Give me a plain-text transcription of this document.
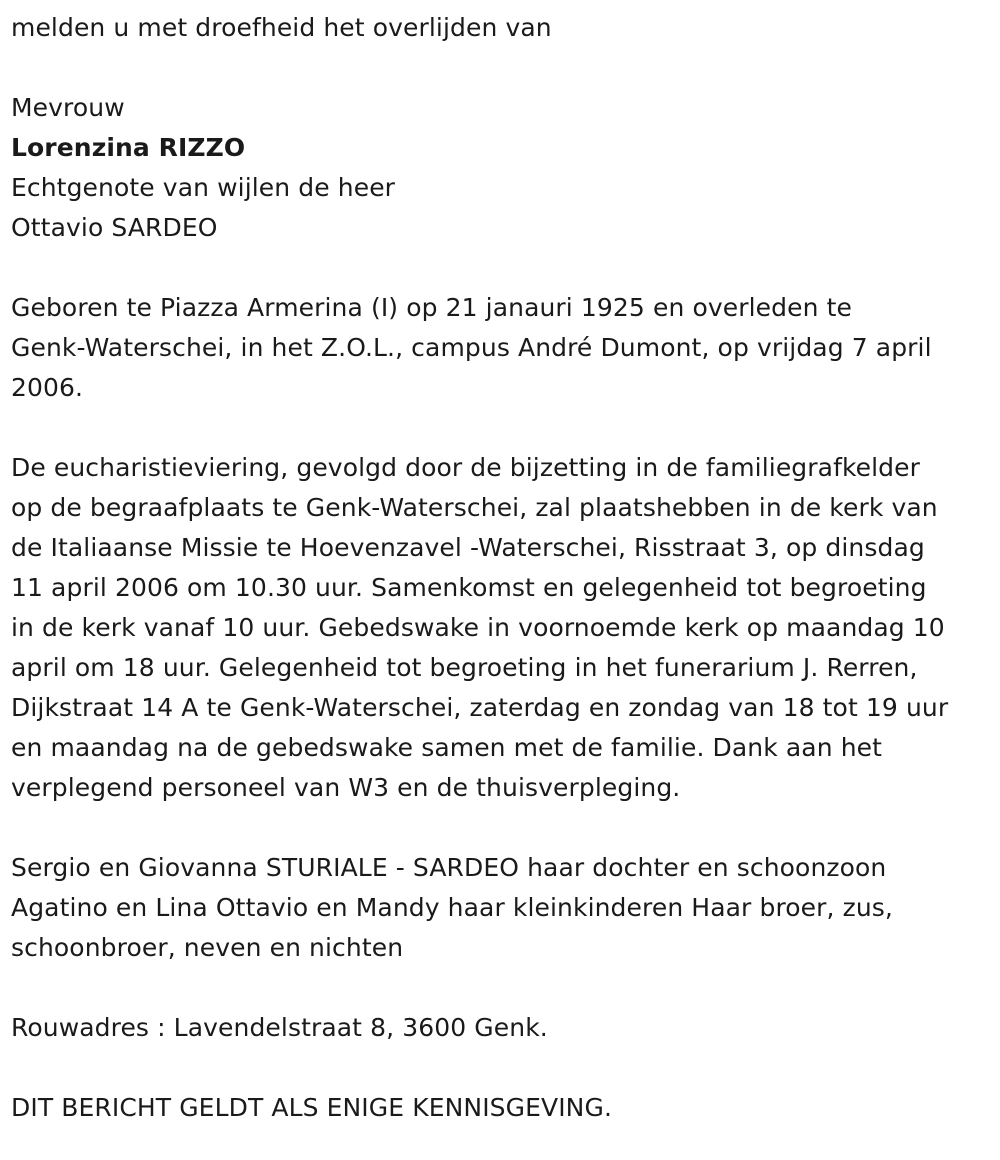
melden u met droefheid het overlijden van
Mevrouw
Lorenzina RIZZO
Echtgenote van wijlen de heer
Ottavio SARDEO
Geboren te Piazza Armerina (I) op 21 janauri 1925 en overleden te
Genk-Waterschei, in het Z.O.L., campus André Dumont, op vrijdag 7 april
2006.
De eucharistieviering, gevolgd door de bijzetting in de familiegrafkelder
op de begraafplaats te Genk-Waterschei, zal plaatshebben in de kerk van
de Italiaanse Missie te Hoevenzavel -Waterschei, Risstraat 3, op dinsdag
11 april 2006 om 10.30 uur. Samenkomst en gelegenheid tot begroeting
in de kerk vanaf 10 uur. Gebedswake in voornoemde kerk op maandag 10
april om 18 uur. Gelegenheid tot begroeting in het funerarium J. Rerren,
Dijkstraat 14 A te Genk-Waterschei, zaterdag en zondag van 18 tot 19 uur
en maandag na de gebedswake samen met de familie. Dank aan het
verplegend personeel van W3 en de thuisverpleging.
Sergio en Giovanna STURIALE - SARDEO haar dochter en schoonzoon
Agatino en Lina Ottavio en Mandy haar kleinkinderen Haar broer, zus,
schoonbroer, neven en nichten
Rouwadres : Lavendelstraat 8, 3600 Genk.
DIT BERICHT GELDT ALS ENIGE KENNISGEVING.
